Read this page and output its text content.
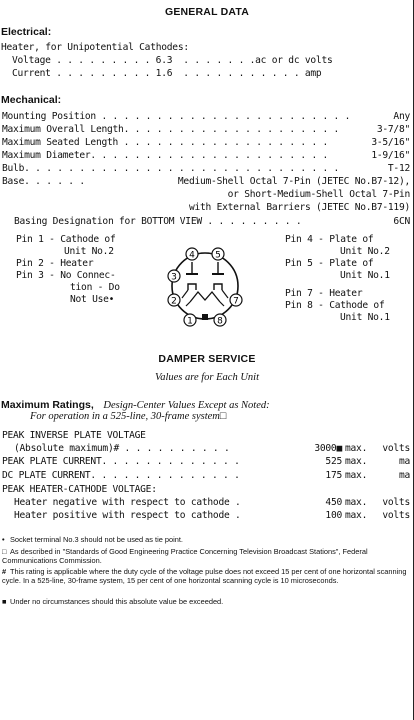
GENERAL DATA
Electrical:
Heater, for Unipotential Cathodes:
Voltage . . . . . . . . . 6.3  . . . . . . .ac or dc volts
Current . . . . . . . . . 1.6  . . . . . . . . . . . amp
Mechanical:

Mounting Position . . . . . . . . . . . . . . . . . . . . . . .

	Any

Maximum Overall Length. . . . . . . . . . . . . . . . . . . .

	3-7/8"

Maximum Seated Length . . . . . . . . . . . . . . . . . . .

	3-5/16"

Maximum Diameter. . . . . . . . . . . . . . . . . . . . . .

	1-9/16"

Bulb. . . . . . . . . . . . . . . . . . . . . . . . . . . . .

	T-12

Base. . . . . .

	Medium-Shell Octal 7-Pin (JETEC No.B7-12),

or Short-Medium-Shell Octal 7-Pin

with External Barriers (JETEC No.B7-119)

Basing Designation for BOTTOM VIEW . . . . . . . . .

	6CN

Pin 1 - Cathode of
Unit No.2
Pin 2 - Heater
Pin 3 - No Connec-
tion - Do
Not Use•
Pin 4 - Plate of
Unit No.2
Pin 5 - Plate of
Unit No.1
Pin 7 - Heater
Pin 8 - Cathode of
Unit No.1
4 5
3
2	7
1	8
DAMPER SERVICE
Values are for Each Unit
Maximum Ratings, Design-Center Values Except as Noted:
For operation in a 525-line, 30-frame system□
PEAK INVERSE PLATE VOLTAGE
(Absolute maximum)# . . . . . . . . . .	3000■ max. volts
PEAK PLATE CURRENT. . . . . . . . . . . . .	525 max.	ma
DC PLATE CURRENT. . . . . . . . . . . . . .	175 max.	ma
PEAK HEATER-CATHODE VOLTAGE:
Heater negative with respect to cathode .	450 max. volts
Heater positive with respect to cathode .	100 max. volts
• Socket terminal No.3 should not be used as tie point.
□ As described in "Standards of Good Engineering Practice Concerning Television Broadcast Stations", Federal Communications Commission.
# This rating is applicable where the duty cycle of the voltage pulse does not exceed 15 per cent of one horizontal scanning cycle. In a 525-line, 30-frame system, 15 per cent of one horizontal scanning cycle is 10 microseconds.
■ Under no circumstances should this absolute value be exceeded.
